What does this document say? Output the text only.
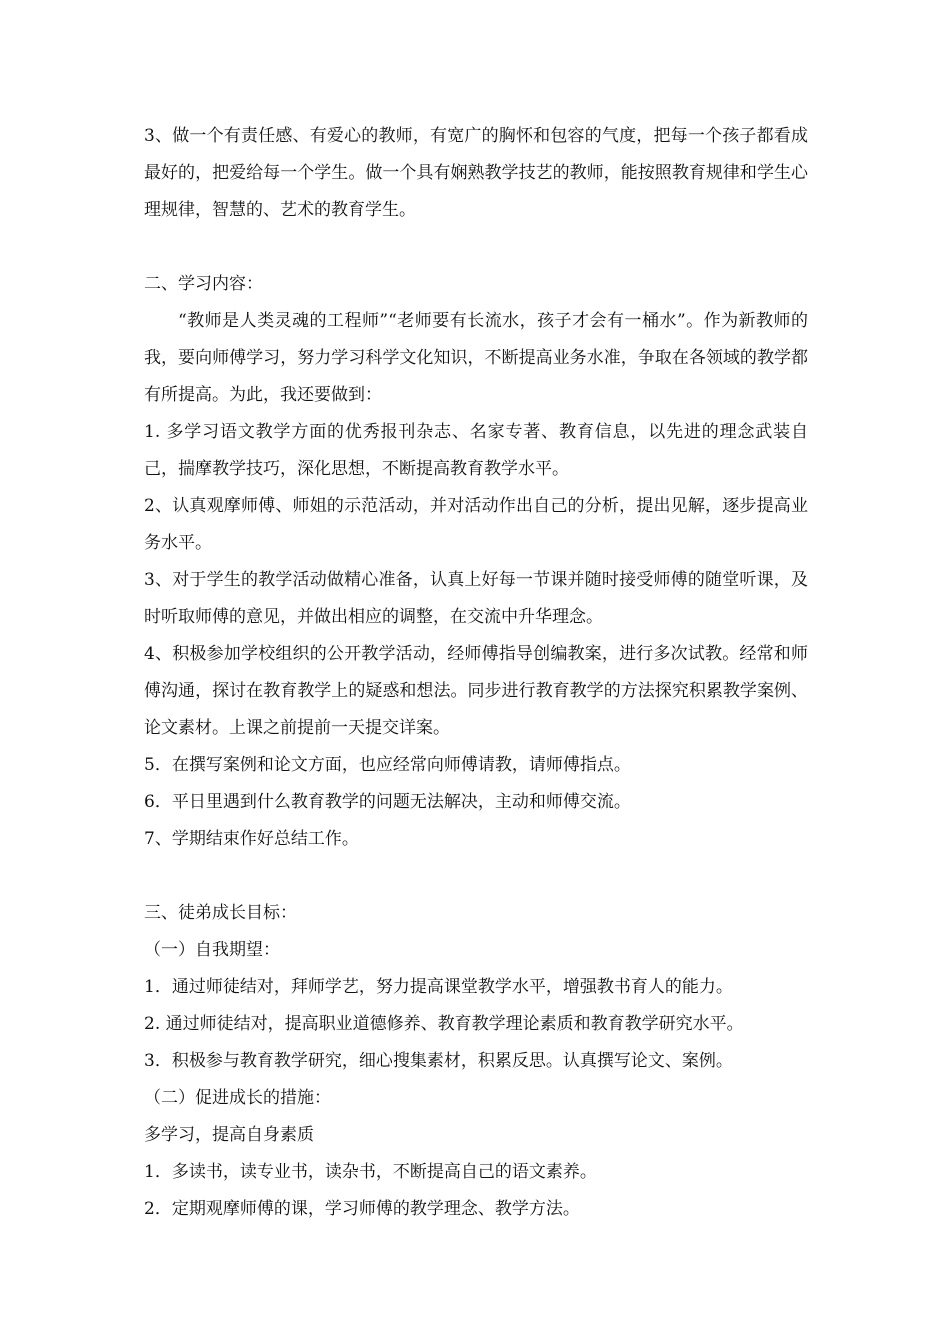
3、做一个有责任感、有爱心的教师，有宽广的胸怀和包容的气度，把每一个孩子都看成最好的，把爱给每一个学生。做一个具有娴熟教学技艺的教师，能按照教育规律和学生心理规律，智慧的、艺术的教育学生。

二、学习内容：

“教师是人类灵魂的工程师”“老师要有长流水，孩子才会有一桶水”。作为新教师的我，要向师傅学习，努力学习科学文化知识，不断提高业务水准，争取在各领域的教学都有所提高。为此，我还要做到：

1. 多学习语文教学方面的优秀报刊杂志、名家专著、教育信息，以先进的理念武装自己，揣摩教学技巧，深化思想，不断提高教育教学水平。

2、认真观摩师傅、师姐的示范活动，并对活动作出自己的分析，提出见解，逐步提高业务水平。

3、对于学生的教学活动做精心准备，认真上好每一节课并随时接受师傅的随堂听课，及时听取师傅的意见，并做出相应的调整，在交流中升华理念。

4、积极参加学校组织的公开教学活动，经师傅指导创编教案，进行多次试教。经常和师傅沟通，探讨在教育教学上的疑惑和想法。同步进行教育教学的方法探究积累教学案例、论文素材。上课之前提前一天提交详案。

5．在撰写案例和论文方面，也应经常向师傅请教，请师傅指点。

6．平日里遇到什么教育教学的问题无法解决，主动和师傅交流。

7、学期结束作好总结工作。

三、徒弟成长目标：

（一）自我期望：

1．通过师徒结对，拜师学艺，努力提高课堂教学水平，增强教书育人的能力。

2. 通过师徒结对，提高职业道德修养、教育教学理论素质和教育教学研究水平。

3．积极参与教育教学研究，细心搜集素材，积累反思。认真撰写论文、案例。

（二）促进成长的措施：

多学习，提高自身素质

1．多读书，读专业书，读杂书，不断提高自己的语文素养。

2．定期观摩师傅的课，学习师傅的教学理念、教学方法。
